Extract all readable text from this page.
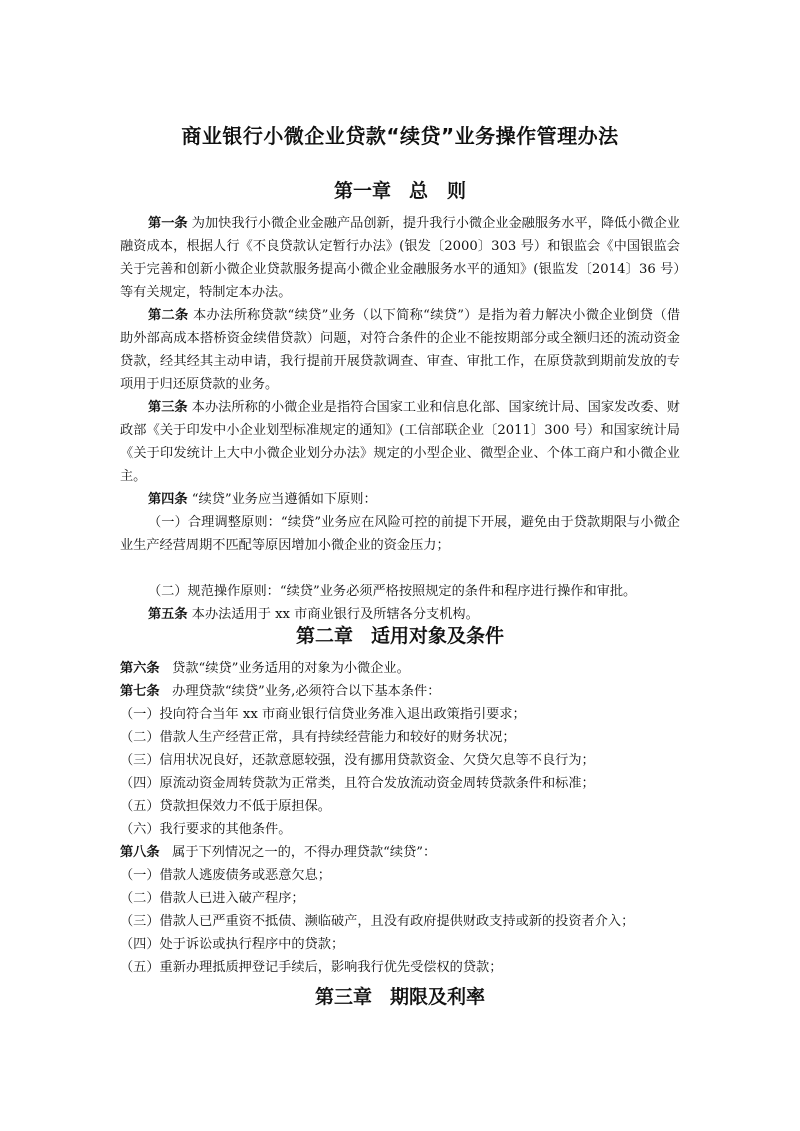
商业银行小微企业贷款“续贷”业务操作管理办法
第一章 总　则

第一条 为加快我行小微企业金融产品创新，提升我行小微企业金融服务水平，降低小微企业融资成本，根据人行《不良贷款认定暂行办法》(银发〔2000〕303 号）和银监会《中国银监会关于完善和创新小微企业贷款服务提高小微企业金融服务水平的通知》(银监发〔2014〕36 号）等有关规定，特制定本办法。

第二条 本办法所称贷款“续贷”业务（以下简称“续贷”）是指为着力解决小微企业倒贷（借助外部高成本搭桥资金续借贷款）问题，对符合条件的企业不能按期部分或全额归还的流动资金贷款，经其经其主动申请，我行提前开展贷款调查、审查、审批工作，在原贷款到期前发放的专项用于归还原贷款的业务。

第三条 本办法所称的小微企业是指符合国家工业和信息化部、国家统计局、国家发改委、财政部《关于印发中小企业划型标准规定的通知》(工信部联企业〔2011〕300 号）和国家统计局《关于印发统计上大中小微企业划分办法》规定的小型企业、微型企业、个体工商户和小微企业主。

第四条 “续贷”业务应当遵循如下原则：

（一）合理调整原则：“续贷”业务应在风险可控的前提下开展，避免由于贷款期限与小微企业生产经营周期不匹配等原因增加小微企业的资金压力；

（二）规范操作原则：“续贷”业务必须严格按照规定的条件和程序进行操作和审批。

第五条 本办法适用于 xx 市商业银行及所辖各分支机构。

第二章 适用对象及条件

第六条 贷款“续贷”业务适用的对象为小微企业。

第七条 办理贷款“续贷”业务,必须符合以下基本条件：

（一）投向符合当年 xx 市商业银行信贷业务准入退出政策指引要求；

（二）借款人生产经营正常，具有持续经营能力和较好的财务状况；

（三）信用状况良好，还款意愿较强，没有挪用贷款资金、欠贷欠息等不良行为；

（四）原流动资金周转贷款为正常类，且符合发放流动资金周转贷款条件和标准；

（五）贷款担保效力不低于原担保。

（六）我行要求的其他条件。

第八条 属于下列情况之一的，不得办理贷款“续贷”：

（一）借款人逃废债务或恶意欠息；

（二）借款人已进入破产程序；

（三）借款人已严重资不抵债、濒临破产，且没有政府提供财政支持或新的投资者介入；

（四）处于诉讼或执行程序中的贷款；

（五）重新办理抵质押登记手续后，影响我行优先受偿权的贷款；

第三章 期限及利率
